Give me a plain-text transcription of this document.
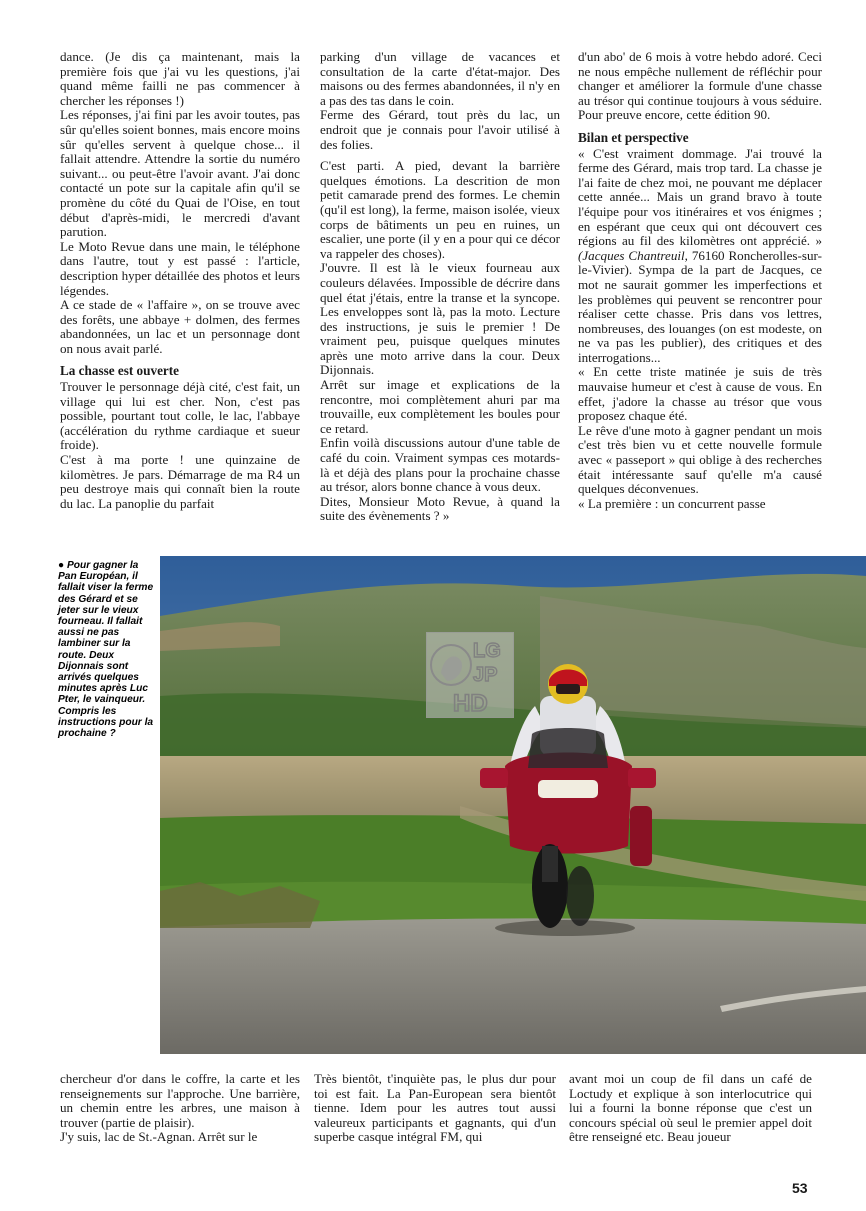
dance. (Je dis ça maintenant, mais la première fois que j'ai vu les questions, j'ai quand même failli ne pas commencer à chercher les réponses !)

Les réponses, j'ai fini par les avoir toutes, pas sûr qu'elles soient bonnes, mais encore moins sûr qu'elles servent à quelque chose... il fallait attendre. Attendre la sortie du numéro suivant... ou peut-être l'avoir avant. J'ai donc contacté un pote sur la capitale afin qu'il se promène du côté du Quai de l'Oise, en tout début d'après-midi, le mercredi d'avant parution.

Le Moto Revue dans une main, le téléphone dans l'autre, tout y est passé : l'article, description hyper détaillée des photos et leurs légendes.

A ce stade de « l'affaire », on se trouve avec des forêts, une abbaye + dolmen, des fermes abandonnées, un lac et un personnage dont on nous avait parlé.

La chasse est ouverte

Trouver le personnage déjà cité, c'est fait, un village qui lui est cher. Non, c'est pas possible, pourtant tout colle, le lac, l'abbaye (accélération du rythme cardiaque et sueur froide).

C'est à ma porte ! une quinzaine de kilomètres. Je pars. Démarrage de ma R4 un peu destroye mais qui connaît bien la route du lac. La panoplie du parfait

parking d'un village de vacances et consultation de la carte d'état-major. Des maisons ou des fermes abandonnées, il n'y en a pas des tas dans le coin.

Ferme des Gérard, tout près du lac, un endroit que je connais pour l'avoir utilisé à des folies.

C'est parti. A pied, devant la barrière quelques émotions. La descrition de mon petit camarade prend des formes. Le chemin (qu'il est long), la ferme, maison isolée, vieux corps de bâtiments un peu en ruines, un escalier, une porte (il y en a pour qui ce décor va rappeler des choses).

J'ouvre. Il est là le vieux fourneau aux couleurs délavées. Impossible de décrire dans quel état j'étais, entre la transe et la syncope. Les enveloppes sont là, pas la moto. Lecture des instructions, je suis le premier ! De vraiment peu, puisque quelques minutes après une moto arrive dans la cour. Deux Dijonnais.

Arrêt sur image et explications de la rencontre, moi complètement ahuri par ma trouvaille, eux complètement les boules pour ce retard.

Enfin voilà discussions autour d'une table de café du coin. Vraiment sympas ces motards-là et déjà des plans pour la prochaine chasse au trésor, alors bonne chance à vous deux.

Dites, Monsieur Moto Revue, à quand la suite des évènements ? »

d'un abo' de 6 mois à votre hebdo adoré. Ceci ne nous empêche nullement de réfléchir pour changer et améliorer la formule d'une chasse au trésor qui continue toujours à vous séduire. Pour preuve encore, cette édition 90.

Bilan et perspective

« C'est vraiment dommage. J'ai trouvé la ferme des Gérard, mais trop tard. La chasse je l'ai faite de chez moi, ne pouvant me déplacer cette année... Mais un grand bravo à toute l'équipe pour vos itinéraires et vos énigmes ; en espérant que ceux qui ont découvert ces régions au fil des kilomètres ont apprécié. » (Jacques Chantreuil, 76160 Roncherolles-sur-le-Vivier). Sympa de la part de Jacques, ce mot ne saurait gommer les imperfections et les problèmes qui peuvent se rencontrer pour réaliser cette chasse. Pris dans vos lettres, nombreuses, des louanges (on est modeste, on ne va pas les publier), des critiques et des interrogations...

« En cette triste matinée je suis de très mauvaise humeur et c'est à cause de vous. En effet, j'adore la chasse au trésor que vous proposez chaque été.

Le rêve d'une moto à gagner pendant un mois c'est très bien vu et cette nouvelle formule avec « passeport » qui oblige à des recherches était intéressante sauf qu'elle m'a causé quelques déconvenues.

« La première : un concurrent passe

● Pour gagner la Pan Européan, il fallait viser la ferme des Gérard et se jeter sur le vieux fourneau. Il fallait aussi ne pas lambiner sur la route. Deux Dijonnais sont arrivés quelques minutes après Luc Pter, le vainqueur. Compris les instructions pour la prochaine ?
LG
JP
HD

chercheur d'or dans le coffre, la carte et les renseignements sur l'approche. Une barrière, un chemin entre les arbres, une maison à trouver (partie de plaisir).

J'y suis, lac de St.-Agnan. Arrêt sur le

Très bientôt, t'inquiète pas, le plus dur pour toi est fait. La Pan-European sera bientôt tienne. Idem pour les autres tout aussi valeureux participants et gagnants, qui d'un superbe casque intégral FM, qui

avant moi un coup de fil dans un café de Loctudy et explique à son interlocutrice qui lui a fourni la bonne réponse que c'est un concours spécial où seul le premier appel doit être renseigné etc. Beau joueur

53
